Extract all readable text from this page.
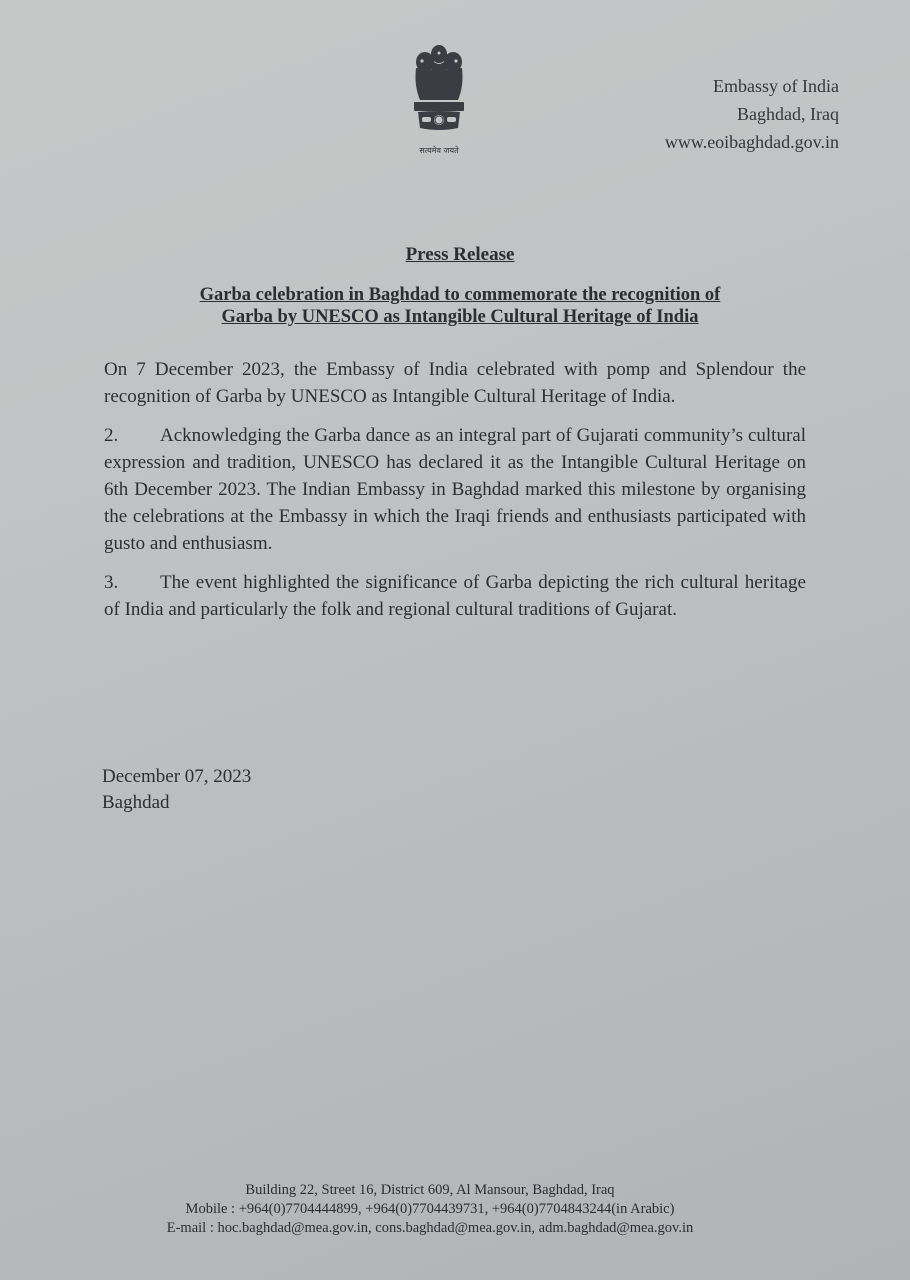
सत्यमेव जयते
Embassy of India
Baghdad, Iraq
www.eoibaghdad.gov.in
Press Release
Garba celebration in Baghdad to commemorate the recognition of
Garba by UNESCO as Intangible Cultural Heritage of India

On 7 December 2023, the Embassy of India celebrated with pomp and Splendour the recognition of Garba by UNESCO as Intangible Cultural Heritage of India.

2. Acknowledging the Garba dance as an integral part of Gujarati community’s cultural expression and tradition, UNESCO has declared it as the Intangible Cultural Heritage on 6th December 2023. The Indian Embassy in Baghdad marked this milestone by organising the celebrations at the Embassy in which the Iraqi friends and enthusiasts participated with gusto and enthusiasm.

3. The event highlighted the significance of Garba depicting the rich cultural heritage of India and particularly the folk and regional cultural traditions of Gujarat.

December 07, 2023
Baghdad
Building 22, Street 16, District 609, Al Mansour, Baghdad, Iraq
Mobile : +964(0)7704444899, +964(0)7704439731, +964(0)7704843244(in Arabic)
E-mail : hoc.baghdad@mea.gov.in, cons.baghdad@mea.gov.in, adm.baghdad@mea.gov.in
